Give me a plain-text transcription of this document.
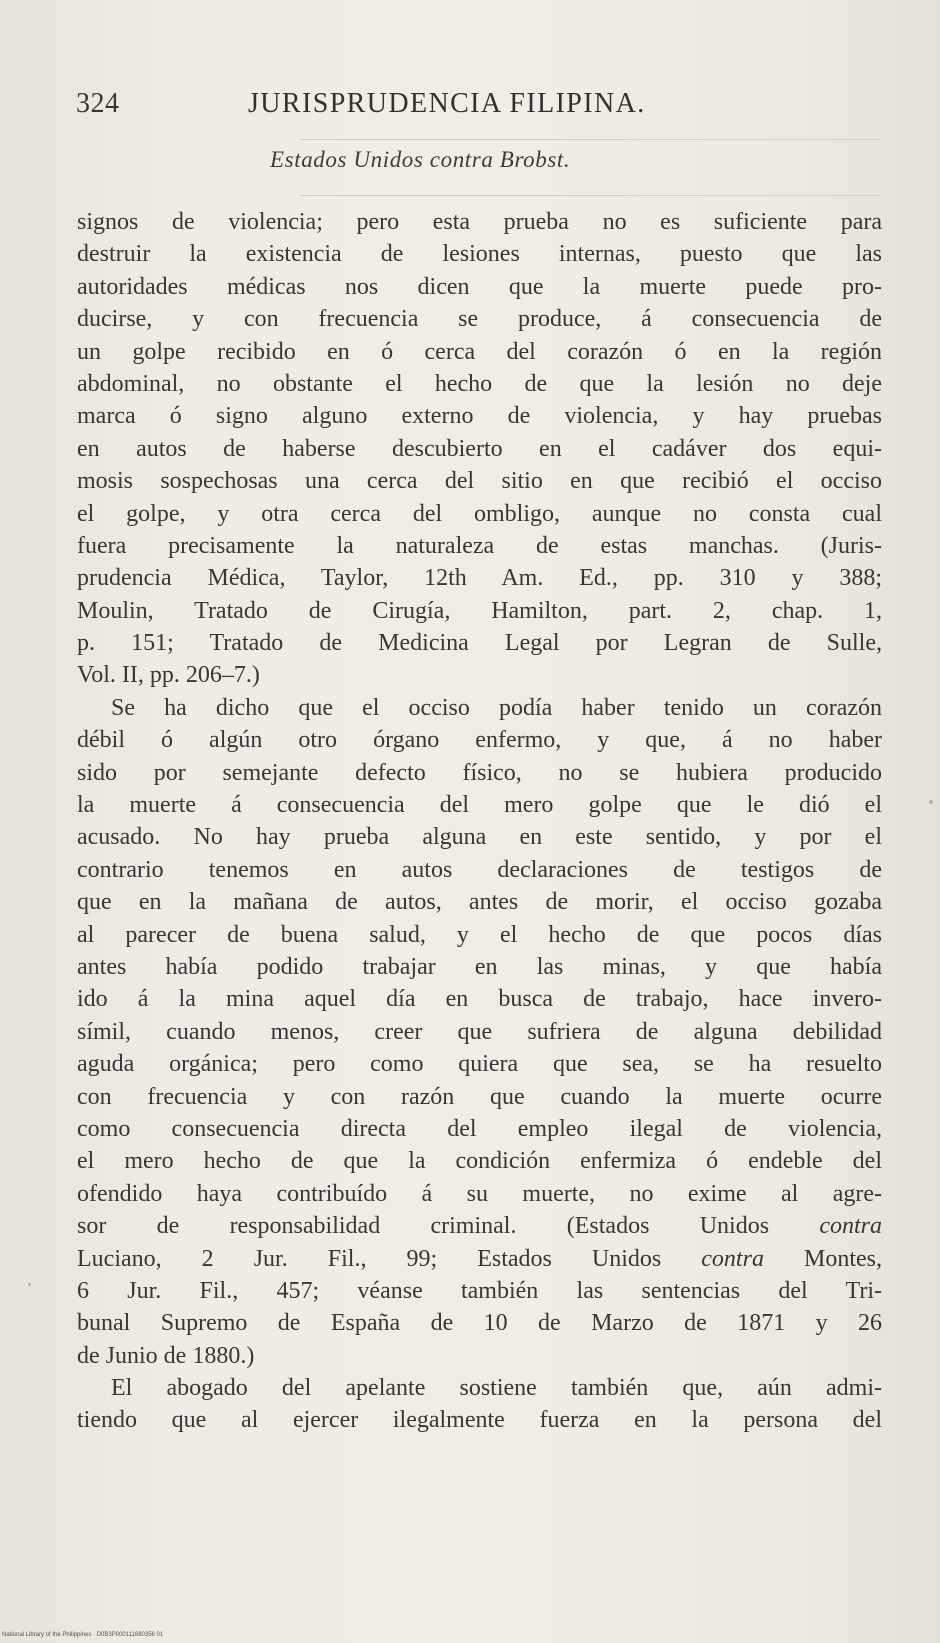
324	JURISPRUDENCIA FILIPINA.
Estados Unidos contra Brobst.
signos de violencia; pero esta prueba no es suficiente para
destruir la existencia de lesiones internas, puesto que las
autoridades médicas nos dicen que la muerte puede pro-
ducirse, y con frecuencia se produce, á consecuencia de
un golpe recibido en ó cerca del corazón ó en la región
abdominal, no obstante el hecho de que la lesión no deje
marca ó signo alguno externo de violencia, y hay pruebas
en autos de haberse descubierto en el cadáver dos equi-
mosis sospechosas una cerca del sitio en que recibió el occiso
el golpe, y otra cerca del ombligo, aunque no consta cual
fuera precisamente la naturaleza de estas manchas. (Juris-
prudencia Médica, Taylor, 12th Am. Ed., pp. 310 y 388;
Moulin, Tratado de Cirugía, Hamilton, part. 2, chap. 1,
p. 151; Tratado de Medicina Legal por Legran de Sulle,
Vol. II, pp. 206–7.)
Se ha dicho que el occiso podía haber tenido un corazón
débil ó algún otro órgano enfermo, y que, á no haber
sido por semejante defecto físico, no se hubiera producido
la muerte á consecuencia del mero golpe que le dió el
acusado. No hay prueba alguna en este sentido, y por el
contrario tenemos en autos declaraciones de testigos de
que en la mañana de autos, antes de morir, el occiso gozaba
al parecer de buena salud, y el hecho de que pocos días
antes había podido trabajar en las minas, y que había
ido á la mina aquel día en busca de trabajo, hace invero-
símil, cuando menos, creer que sufriera de alguna debilidad
aguda orgánica; pero como quiera que sea, se ha resuelto
con frecuencia y con razón que cuando la muerte ocurre
como consecuencia directa del empleo ilegal de violencia,
el mero hecho de que la condición enfermiza ó endeble del
ofendido haya contribuído á su muerte, no exime al agre-
sor de responsabilidad criminal. (Estados Unidos contra
Luciano, 2 Jur. Fil., 99; Estados Unidos contra Montes,
6 Jur. Fil., 457; véanse también las sentencias del Tri-
bunal Supremo de España de 10 de Marzo de 1871 y 26
de Junio de 1880.)
El abogado del apelante sostiene también que, aún admi-
tiendo que al ejercer ilegalmente fuerza en la persona del
National Library of the Philippines · D0B3P000111680356 01
